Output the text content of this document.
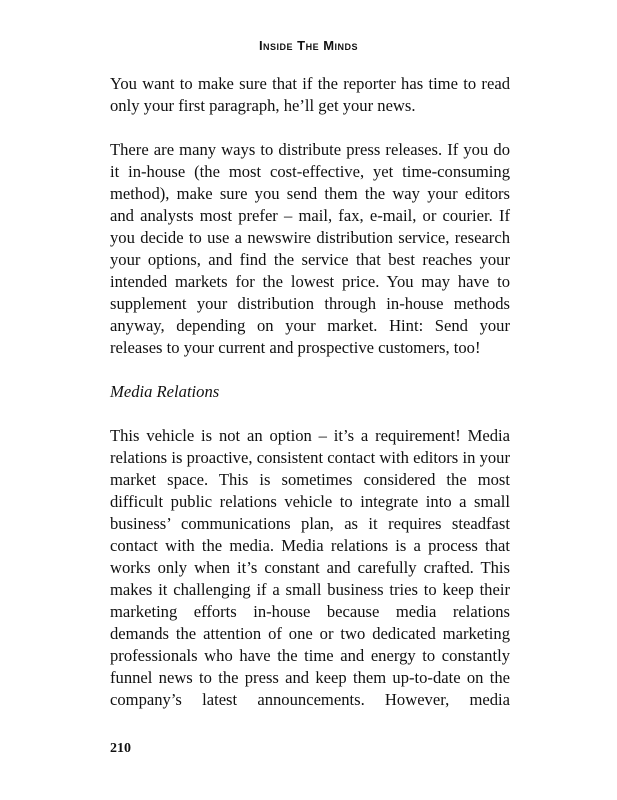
Inside The Minds

You want to make sure that if the reporter has time to read only your first paragraph, he’ll get your news.

There are many ways to distribute press releases. If you do it in-house (the most cost-effective, yet time-consuming method), make sure you send them the way your editors and analysts most prefer – mail, fax, e-mail, or courier. If you decide to use a newswire distribution service, research your options, and find the service that best reaches your intended markets for the lowest price. You may have to supplement your distribution through in-house methods anyway, depending on your market. Hint: Send your releases to your current and prospective customers, too!

Media Relations

This vehicle is not an option – it’s a requirement! Media relations is proactive, consistent contact with editors in your market space. This is sometimes considered the most difficult public relations vehicle to integrate into a small business’ communications plan, as it requires steadfast contact with the media. Media relations is a process that works only when it’s constant and carefully crafted. This makes it challenging if a small business tries to keep their marketing efforts in-house because media relations demands the attention of one or two dedicated marketing professionals who have the time and energy to constantly funnel news to the press and keep them up-to-date on the company’s latest announcements. However, media

210
